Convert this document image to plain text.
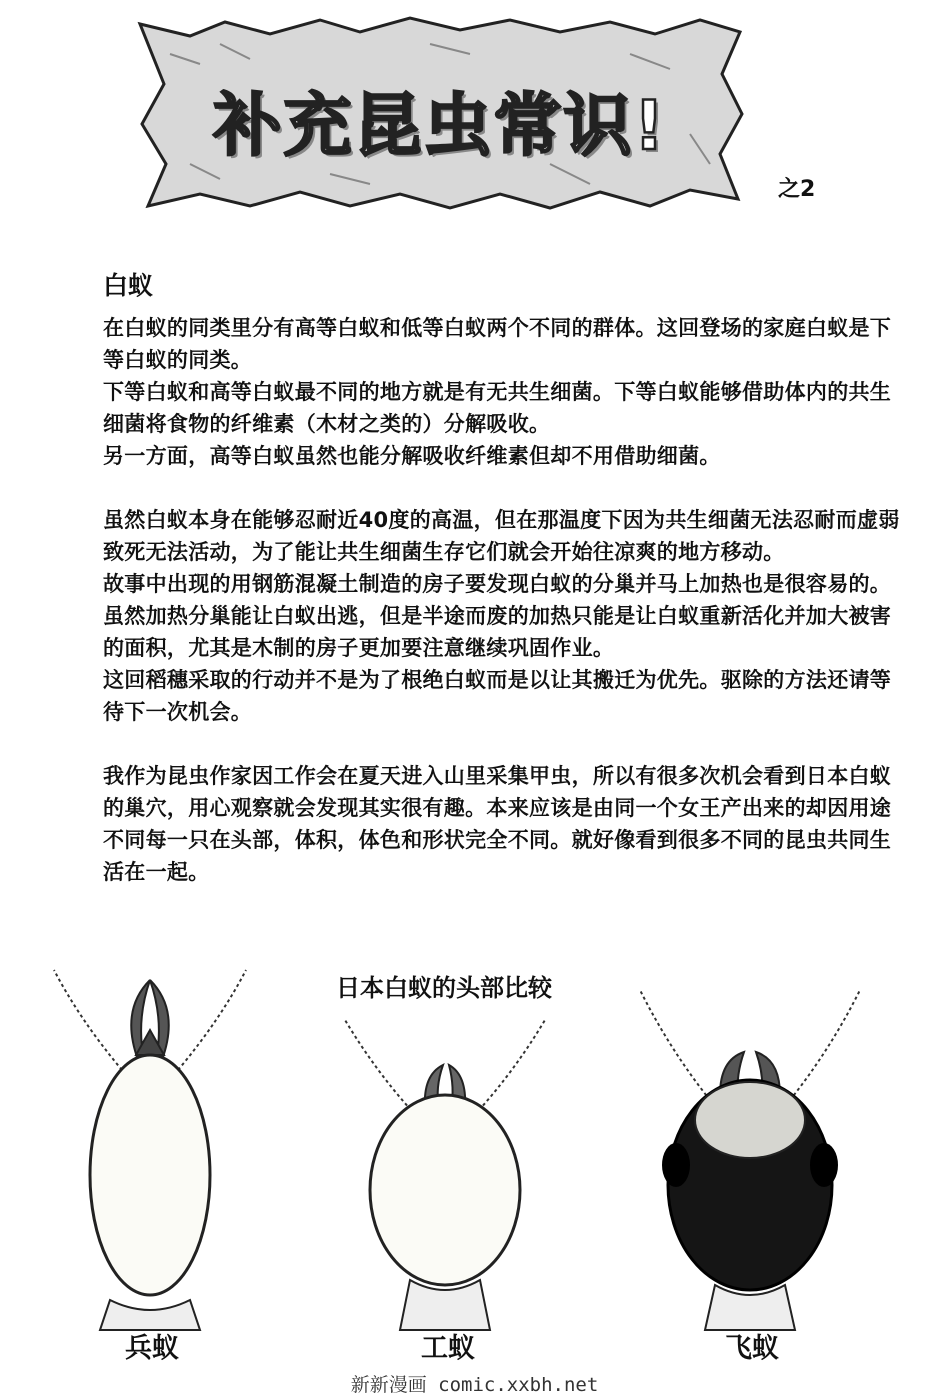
补充昆虫常识!
之2
白蚁

在白蚁的同类里分有高等白蚁和低等白蚁两个不同的群体。这回登场的家庭白蚁是下等白蚁的同类。

下等白蚁和高等白蚁最不同的地方就是有无共生细菌。下等白蚁能够借助体内的共生细菌将食物的纤维素（木材之类的）分解吸收。

另一方面，高等白蚁虽然也能分解吸收纤维素但却不用借助细菌。

虽然白蚁本身在能够忍耐近40度的高温，但在那温度下因为共生细菌无法忍耐而虚弱致死无法活动，为了能让共生细菌生存它们就会开始往凉爽的地方移动。

故事中出现的用钢筋混凝土制造的房子要发现白蚁的分巢并马上加热也是很容易的。虽然加热分巢能让白蚁出逃，但是半途而废的加热只能是让白蚁重新活化并加大被害的面积，尤其是木制的房子更加要注意继续巩固作业。

这回稻穗采取的行动并不是为了根绝白蚁而是以让其搬迁为优先。驱除的方法还请等待下一次机会。

我作为昆虫作家因工作会在夏天进入山里采集甲虫，所以有很多次机会看到日本白蚁的巢穴，用心观察就会发现其实很有趣。本来应该是由同一个女王产出来的却因用途不同每一只在头部，体积，体色和形状完全不同。就好像看到很多不同的昆虫共同生活在一起。

日本白蚁的头部比较
兵蚁	工蚁	飞蚁
新新漫画 comic.xxbh.net
